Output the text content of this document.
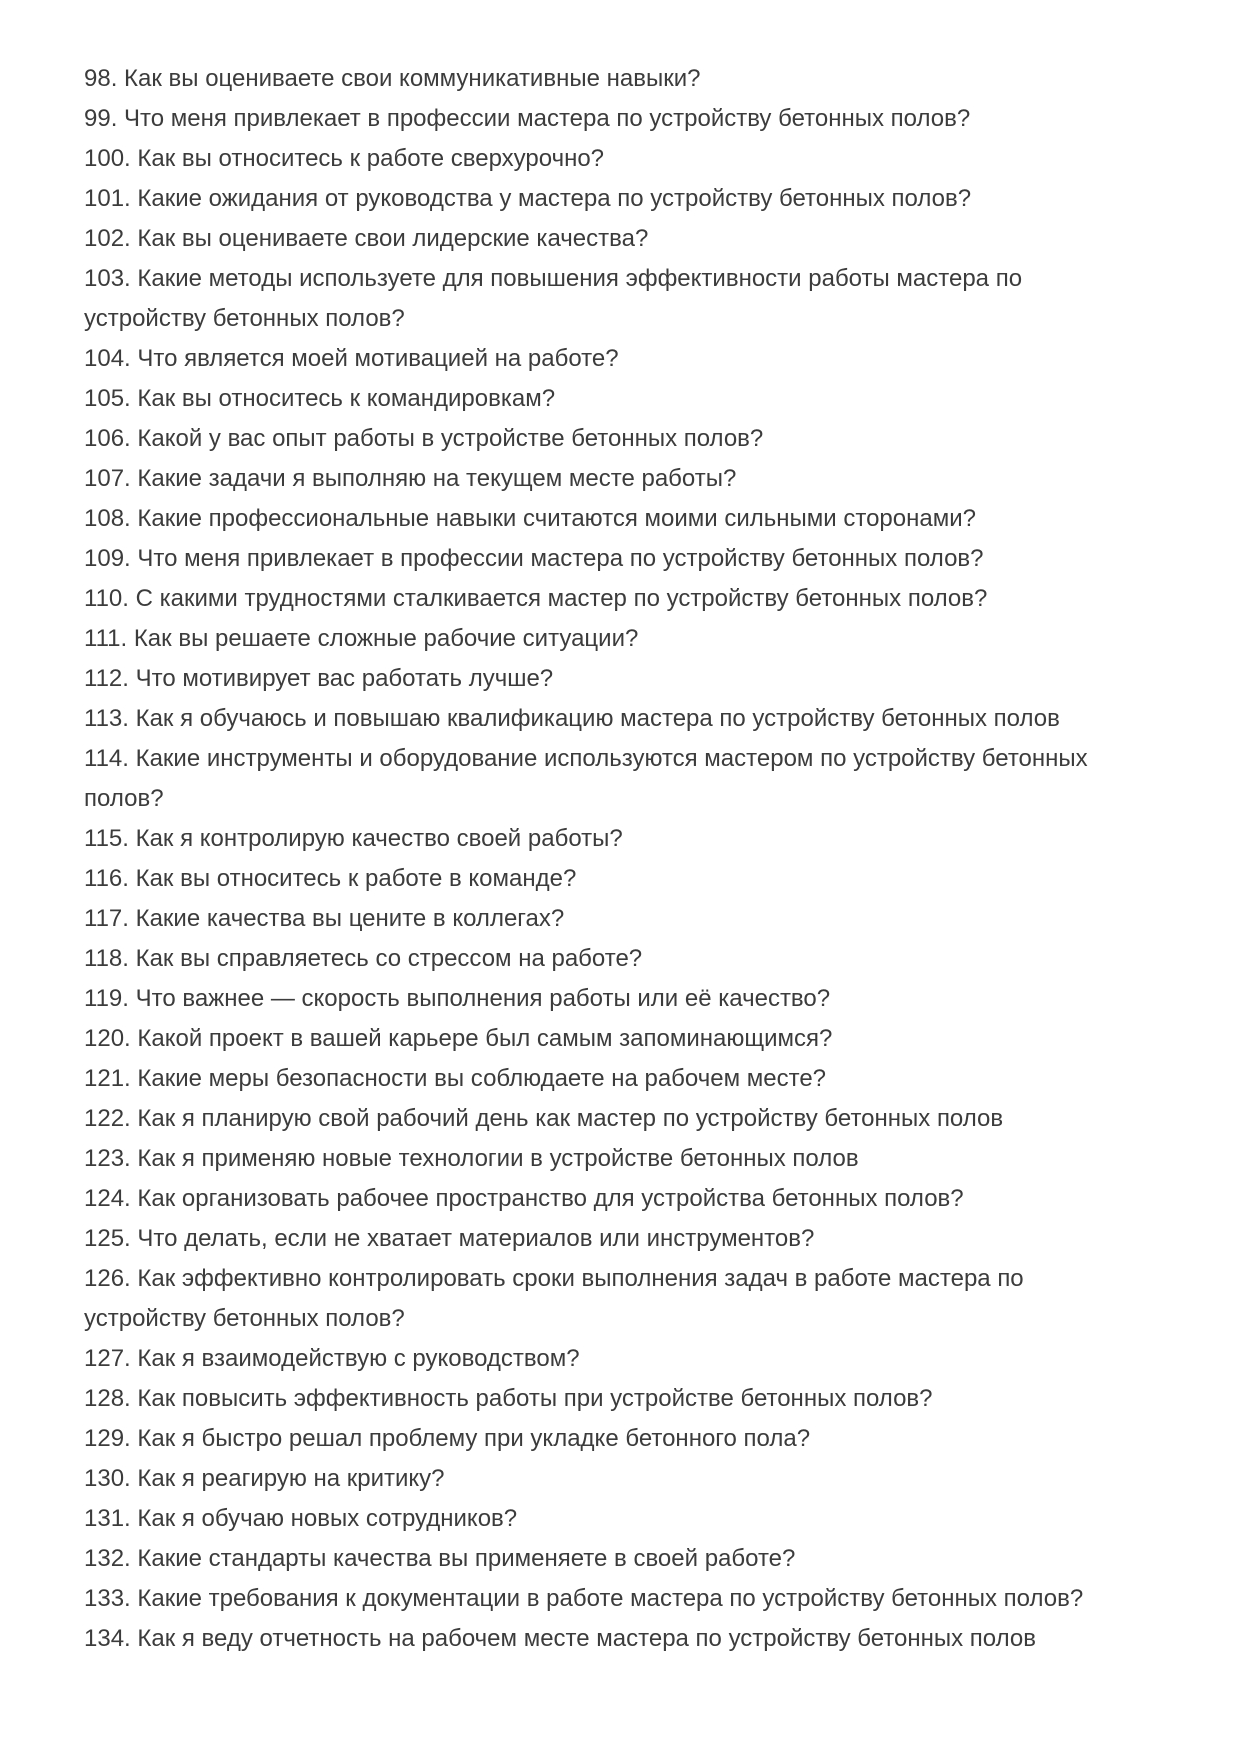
98. Как вы оцениваете свои коммуникативные навыки?
99. Что меня привлекает в профессии мастера по устройству бетонных полов?
100. Как вы относитесь к работе сверхурочно?
101. Какие ожидания от руководства у мастера по устройству бетонных полов?
102. Как вы оцениваете свои лидерские качества?
103. Какие методы используете для повышения эффективности работы мастера по
устройству бетонных полов?
104. Что является моей мотивацией на работе?
105. Как вы относитесь к командировкам?
106. Какой у вас опыт работы в устройстве бетонных полов?
107. Какие задачи я выполняю на текущем месте работы?
108. Какие профессиональные навыки считаются моими сильными сторонами?
109. Что меня привлекает в профессии мастера по устройству бетонных полов?
110. С какими трудностями сталкивается мастер по устройству бетонных полов?
111. Как вы решаете сложные рабочие ситуации?
112. Что мотивирует вас работать лучше?
113. Как я обучаюсь и повышаю квалификацию мастера по устройству бетонных полов
114. Какие инструменты и оборудование используются мастером по устройству бетонных
полов?
115. Как я контролирую качество своей работы?
116. Как вы относитесь к работе в команде?
117. Какие качества вы цените в коллегах?
118. Как вы справляетесь со стрессом на работе?
119. Что важнее — скорость выполнения работы или её качество?
120. Какой проект в вашей карьере был самым запоминающимся?
121. Какие меры безопасности вы соблюдаете на рабочем месте?
122. Как я планирую свой рабочий день как мастер по устройству бетонных полов
123. Как я применяю новые технологии в устройстве бетонных полов
124. Как организовать рабочее пространство для устройства бетонных полов?
125. Что делать, если не хватает материалов или инструментов?
126. Как эффективно контролировать сроки выполнения задач в работе мастера по
устройству бетонных полов?
127. Как я взаимодействую с руководством?
128. Как повысить эффективность работы при устройстве бетонных полов?
129. Как я быстро решал проблему при укладке бетонного пола?
130. Как я реагирую на критику?
131. Как я обучаю новых сотрудников?
132. Какие стандарты качества вы применяете в своей работе?
133. Какие требования к документации в работе мастера по устройству бетонных полов?
134. Как я веду отчетность на рабочем месте мастера по устройству бетонных полов
